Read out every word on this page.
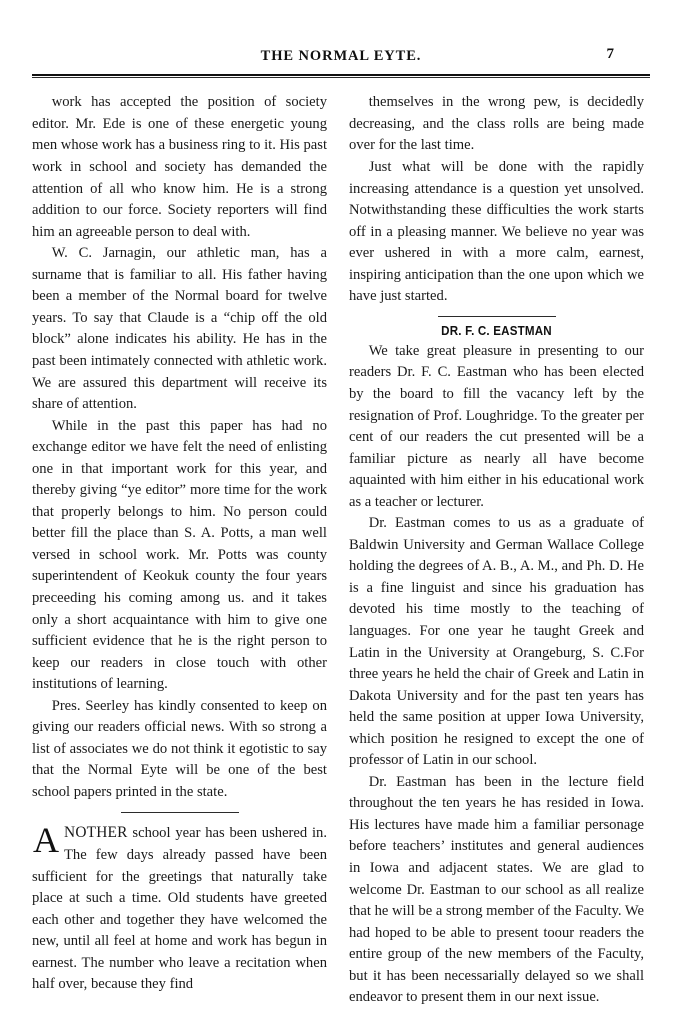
THE NORMAL EYTE.	7

work has accepted the position of society editor. Mr. Ede is one of these energetic young men whose work has a business ring to it. His past work in school and society has demanded the attention of all who know him. He is a strong addition to our force. Society reporters will find him an agreeable person to deal with.

W. C. Jarnagin, our athletic man, has a surname that is familiar to all. His father having been a member of the Normal board for twelve years. To say that Claude is a “chip off the old block” alone indicates his ability. He has in the past been intimately connected with athletic work. We are assured this department will receive its share of attention.

While in the past this paper has had no exchange editor we have felt the need of enlisting one in that important work for this year, and thereby giving “ye editor” more time for the work that properly belongs to him. No person could better fill the place than S. A. Potts, a man well versed in school work. Mr. Potts was county superintendent of Keokuk county the four years preceeding his coming among us. and it takes only a short acquaintance with him to give one sufficient evidence that he is the right person to keep our readers in close touch with other institutions of learning.

Pres. Seerley has kindly consented to keep on giving our readers official news. With so strong a list of associates we do not think it egotistic to say that the Normal Eyte will be one of the best school papers printed in the state.

ANOTHER school year has been ushered in. The few days already passed have been sufficient for the greetings that naturally take place at such a time. Old students have greeted each other and together they have welcomed the new, until all feel at home and work has begun in earnest. The number who leave a recitation when half over, because they find

themselves in the wrong pew, is decidedly decreasing, and the class rolls are being made over for the last time.

Just what will be done with the rapidly increasing attendance is a question yet unsolved. Notwithstanding these difficulties the work starts off in a pleasing manner. We believe no year was ever ushered in with a more calm, earnest, inspiring anticipation than the one upon which we have just started.

DR. F. C. EASTMAN

We take great pleasure in presenting to our readers Dr. F. C. Eastman who has been elected by the board to fill the vacancy left by the resignation of Prof. Loughridge. To the greater per cent of our readers the cut presented will be a familiar picture as nearly all have become aquainted with him either in his educational work as a teacher or lecturer.

Dr. Eastman comes to us as a graduate of Baldwin University and German Wallace College holding the degrees of A. B., A. M., and Ph. D. He is a fine linguist and since his graduation has devoted his time mostly to the teaching of languages. For one year he taught Greek and Latin in the University at Orangeburg, S. C.For three years he held the chair of Greek and Latin in Dakota University and for the past ten years has held the same position at upper Iowa University, which position he resigned to except the one of professor of Latin in our school.

Dr. Eastman has been in the lecture field throughout the ten years he has resided in Iowa. His lectures have made him a familiar personage before teachers’ institutes and general audiences in Iowa and adjacent states. We are glad to welcome Dr. Eastman to our school as all realize that he will be a strong member of the Faculty. We had hoped to be able to present toour readers the entire group of the new members of the Faculty, but it has been necessarially delayed so we shall endeavor to present them in our next issue.
